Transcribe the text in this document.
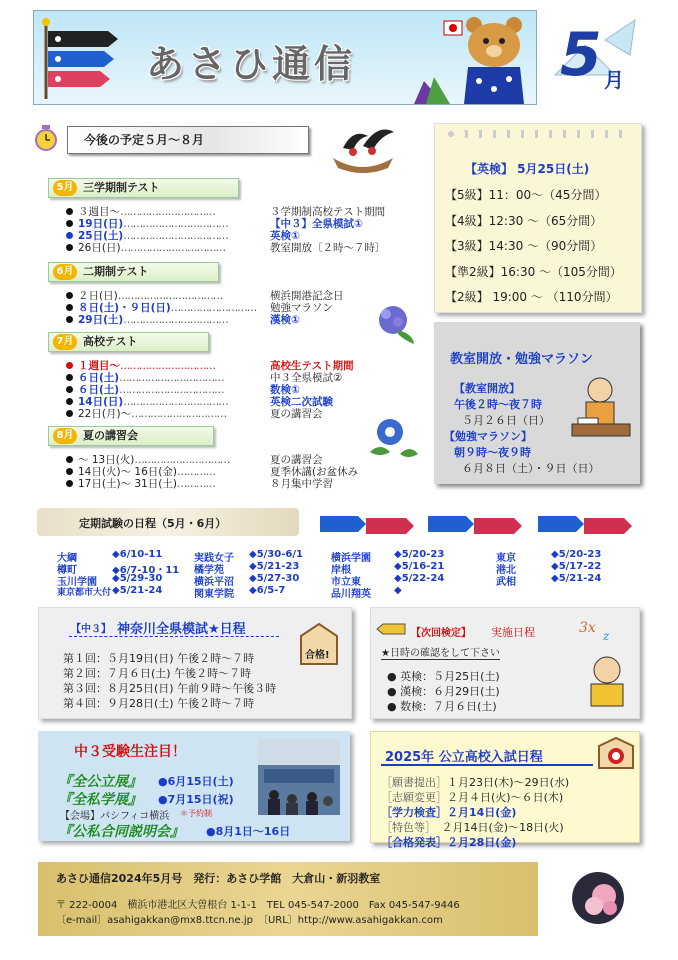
あさひ通信	5 月
今後の予定５月～８月
5月 三学期制テスト
３週目～…………………………	３学期制高校テスト期間
19日(日)……………………………	【中３】全県模試①
25日(土)……………………………	英検①
26日(日)……………………………	教室開放〔２時～７時〕
6月 二期制テスト
２日(日)……………………………	横浜開港記念日
８日(土)・９日(日)……………………… 勉強マラソン
29日(土)……………………………	漢検①
7月 高校テスト
１週目～…………………………	高校生テスト期間
６日(土)……………………………	中３全県模試②
６日(土)……………………………	数検①
14日(日)……………………………	英検二次試験
22日(月)～…………………………	夏の講習会
8月 夏の講習会
～ 13日(火)…………………………	夏の講習会
14日(火)～ 16日(金)…………	夏季休講(お盆休み
17日(土)～ 31日(土)…………	８月集中学習
【英検】 5月25日(土)
【5級】11：00～（45分間）
【4級】12:30 ～（65分間）
【3級】14:30 ～（90分間）
【準2級】16:30 ～（105分間）
【2級】 19:00 ～ （110分間）
教室開放・勉強マラソン
【教室開放】
午後２時～夜７時
５月２６日（日）
【勉強マラソン】
朝９時～夜９時
６月８日（土）・９日（日）
定期試験の日程（5月・6月）
大綱	◆6/10-11
樽町	◆6/7-10・11
玉川学園 ◆5/29-30
東京都市大付 ◆5/21-24
実践女子 ◆5/30-6/1
橘学苑	◆5/21-23
横浜平沼 ◆5/27-30
関東学院 ◆6/5-7
横浜学園 ◆5/20-23
岸根	◆5/16-21
市立東	◆5/22-24
品川翔英 ◆
東京	◆5/20-23
港北	◆5/17-22
武相	◆5/21-24
【中３】 神奈川全県模試★日程
第１回：５月19日(日) 午後２時～７時
第２回：７月６日(土) 午後２時～７時
第３回：８月25日(日) 午前９時～午後３時
第４回：９月28日(土) 午後２時～７時
合格!
【次回検定】 実施日程
★日時の確認をして下さい
● 英検：５月25日(土)
● 漢検：６月29日(土)
● 数検：７月６日(土)
3x z
中３受験生注目！
『全公立展』 ●6月15日(土)
『全私学展』 ●7月15日(祝)
【会場】パシフィコ横浜 ＊予約制
『公私合同説明会』 ●8月1日～16日
2025年 公立高校入試日程
［願書提出］１月23日(木)～29日(水)
［志願変更］２月４日(火)～６日(木)
［学力検査］２月14日(金)
［特色等］　２月14日(金)～18日(火)
［合格発表］２月28日(金)
あさひ通信2024年5月号　発行：あさひ学館　大倉山・新羽教室
〒 222-0004　横浜市港北区大曽根台 1-1-1　TEL 045-547-2000　Fax 045-547-9446
〔e-mail〕asahigakkan@mx8.ttcn.ne.jp　〔URL〕http://www.asahigakkan.com
